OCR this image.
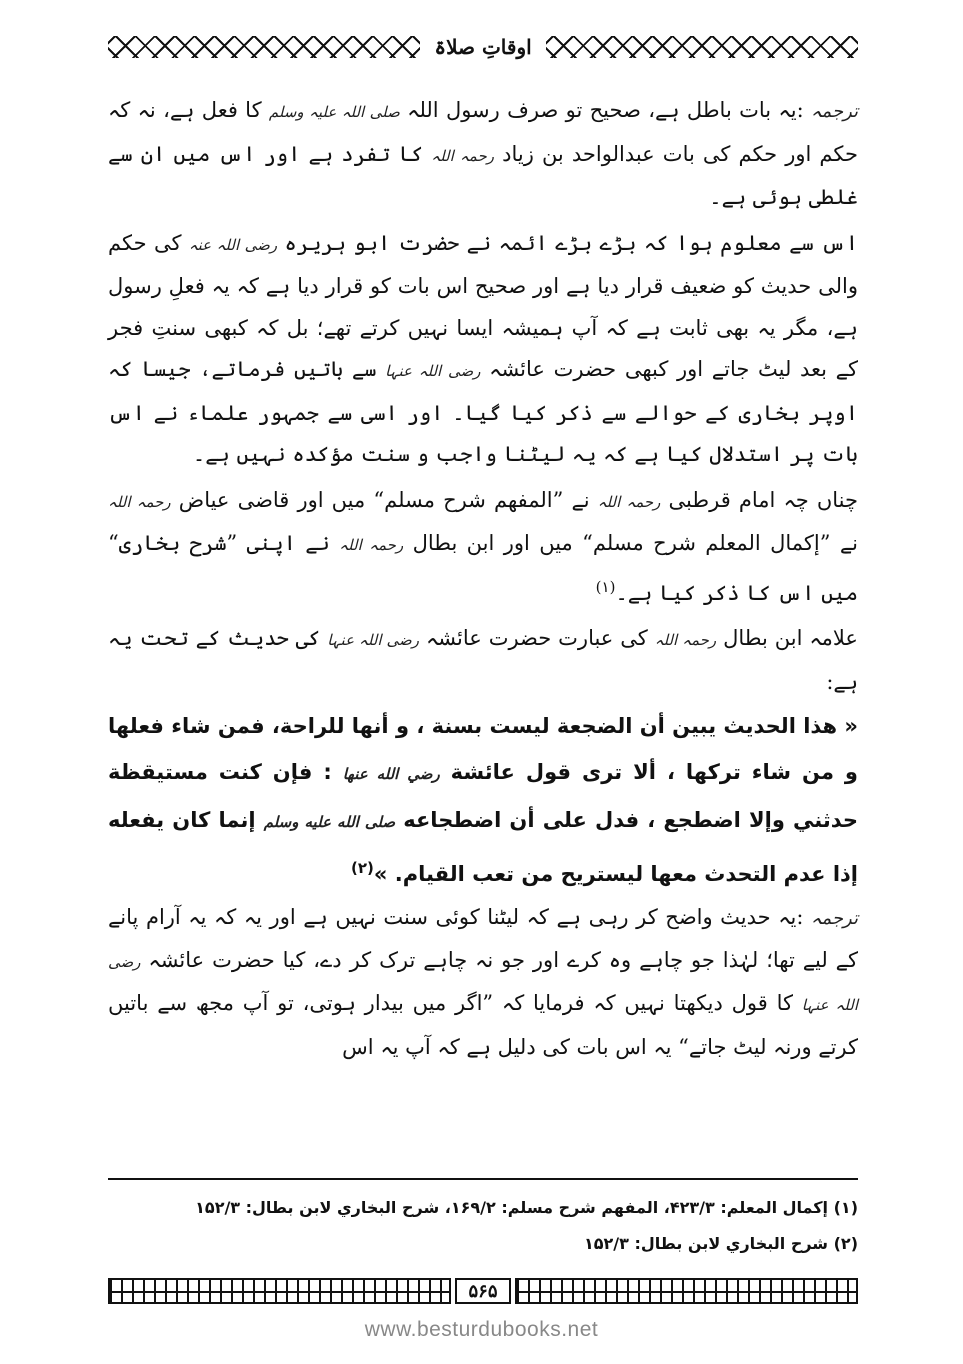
اوقاتِ صلاۃ

ترجمہ :یہ بات باطل ہے، صحیح تو صرف رسول اللہ صلی اللہ علیہ وسلم کا فعل ہے، نہ کہ حکم اور حکم کی بات عبدالواحد بن زیاد رحمہ اللہ کا تفرد ہے اور اس میں ان سے غلطی ہوئی ہے۔

اس سے معلوم ہوا کہ بڑے بڑے ائمہ نے حضرت ابو ہریرہ رضی اللہ عنہ کی حکم والی حدیث کو ضعیف قرار دیا ہے اور صحیح اس بات کو قرار دیا ہے کہ یہ فعلِ رسول ہے، مگر یہ بھی ثابت ہے کہ آپ ہمیشہ ایسا نہیں کرتے تھے؛ بل کہ کبھی سنتِ فجر کے بعد لیٹ جاتے اور کبھی حضرت عائشہ رضی اللہ عنہا سے باتیں فرماتے، جیسا کہ اوپر بخاری کے حوالے سے ذکر کیا گیا۔ اور اسی سے جمہور علماء نے اس بات پر استدلال کیا ہے کہ یہ لیٹنا واجب و سنت مؤکدہ نہیں ہے۔

چناں چہ امام قرطبی رحمہ اللہ نے ”المفهم شرح مسلم“ میں اور قاضی عیاض رحمہ اللہ نے ”إكمال المعلم شرح مسلم“ میں اور ابن بطال رحمہ اللہ نے اپنی ”شرح بخاری“ میں اس کا ذکر کیا ہے۔$^{(۱)}$

علامہ ابن بطال رحمہ اللہ کی عبارت حضرت عائشہ رضی اللہ عنہا کی حدیث کے تحت یہ ہے:

« هذا الحديث يبين أن الضجعة ليست بسنة ، و أنها للراحة، فمن شاء فعلها و من شاء تركها ، ألا ترى قول عائشة رضي الله عنها : فإن كنت مستيقظة حدثني وإلا اضطجع ، فدل على أن اضطجاعه صلى الله عليه وسلم إنما كان يفعله إذا عدم التحدث معها ليستريح من تعب القيام. »$^{(۲)}$

ترجمہ :یہ حدیث واضح کر رہی ہے کہ لیٹنا کوئی سنت نہیں ہے اور یہ کہ یہ آرام پانے کے لیے تھا؛ لہٰذا جو چاہے وہ کرے اور جو نہ چاہے ترک کر دے، کیا حضرت عائشہ رضی اللہ عنہا کا قول دیکھتا نہیں کہ فرمایا کہ ”اگر میں بیدار ہوتی، تو آپ مجھ سے باتیں کرتے ورنہ لیٹ جاتے“ یہ اس بات کی دلیل ہے کہ آپ یہ اس

(۱) إكمال المعلم: ۴۲۳/۳، المفهم شرح مسلم: ۱۶۹/۲، شرح البخاري لابن بطال: ۱۵۲/۳

(۲) شرح البخاري لابن بطال: ۱۵۲/۳

۵۶۵
www.besturdubooks.net
